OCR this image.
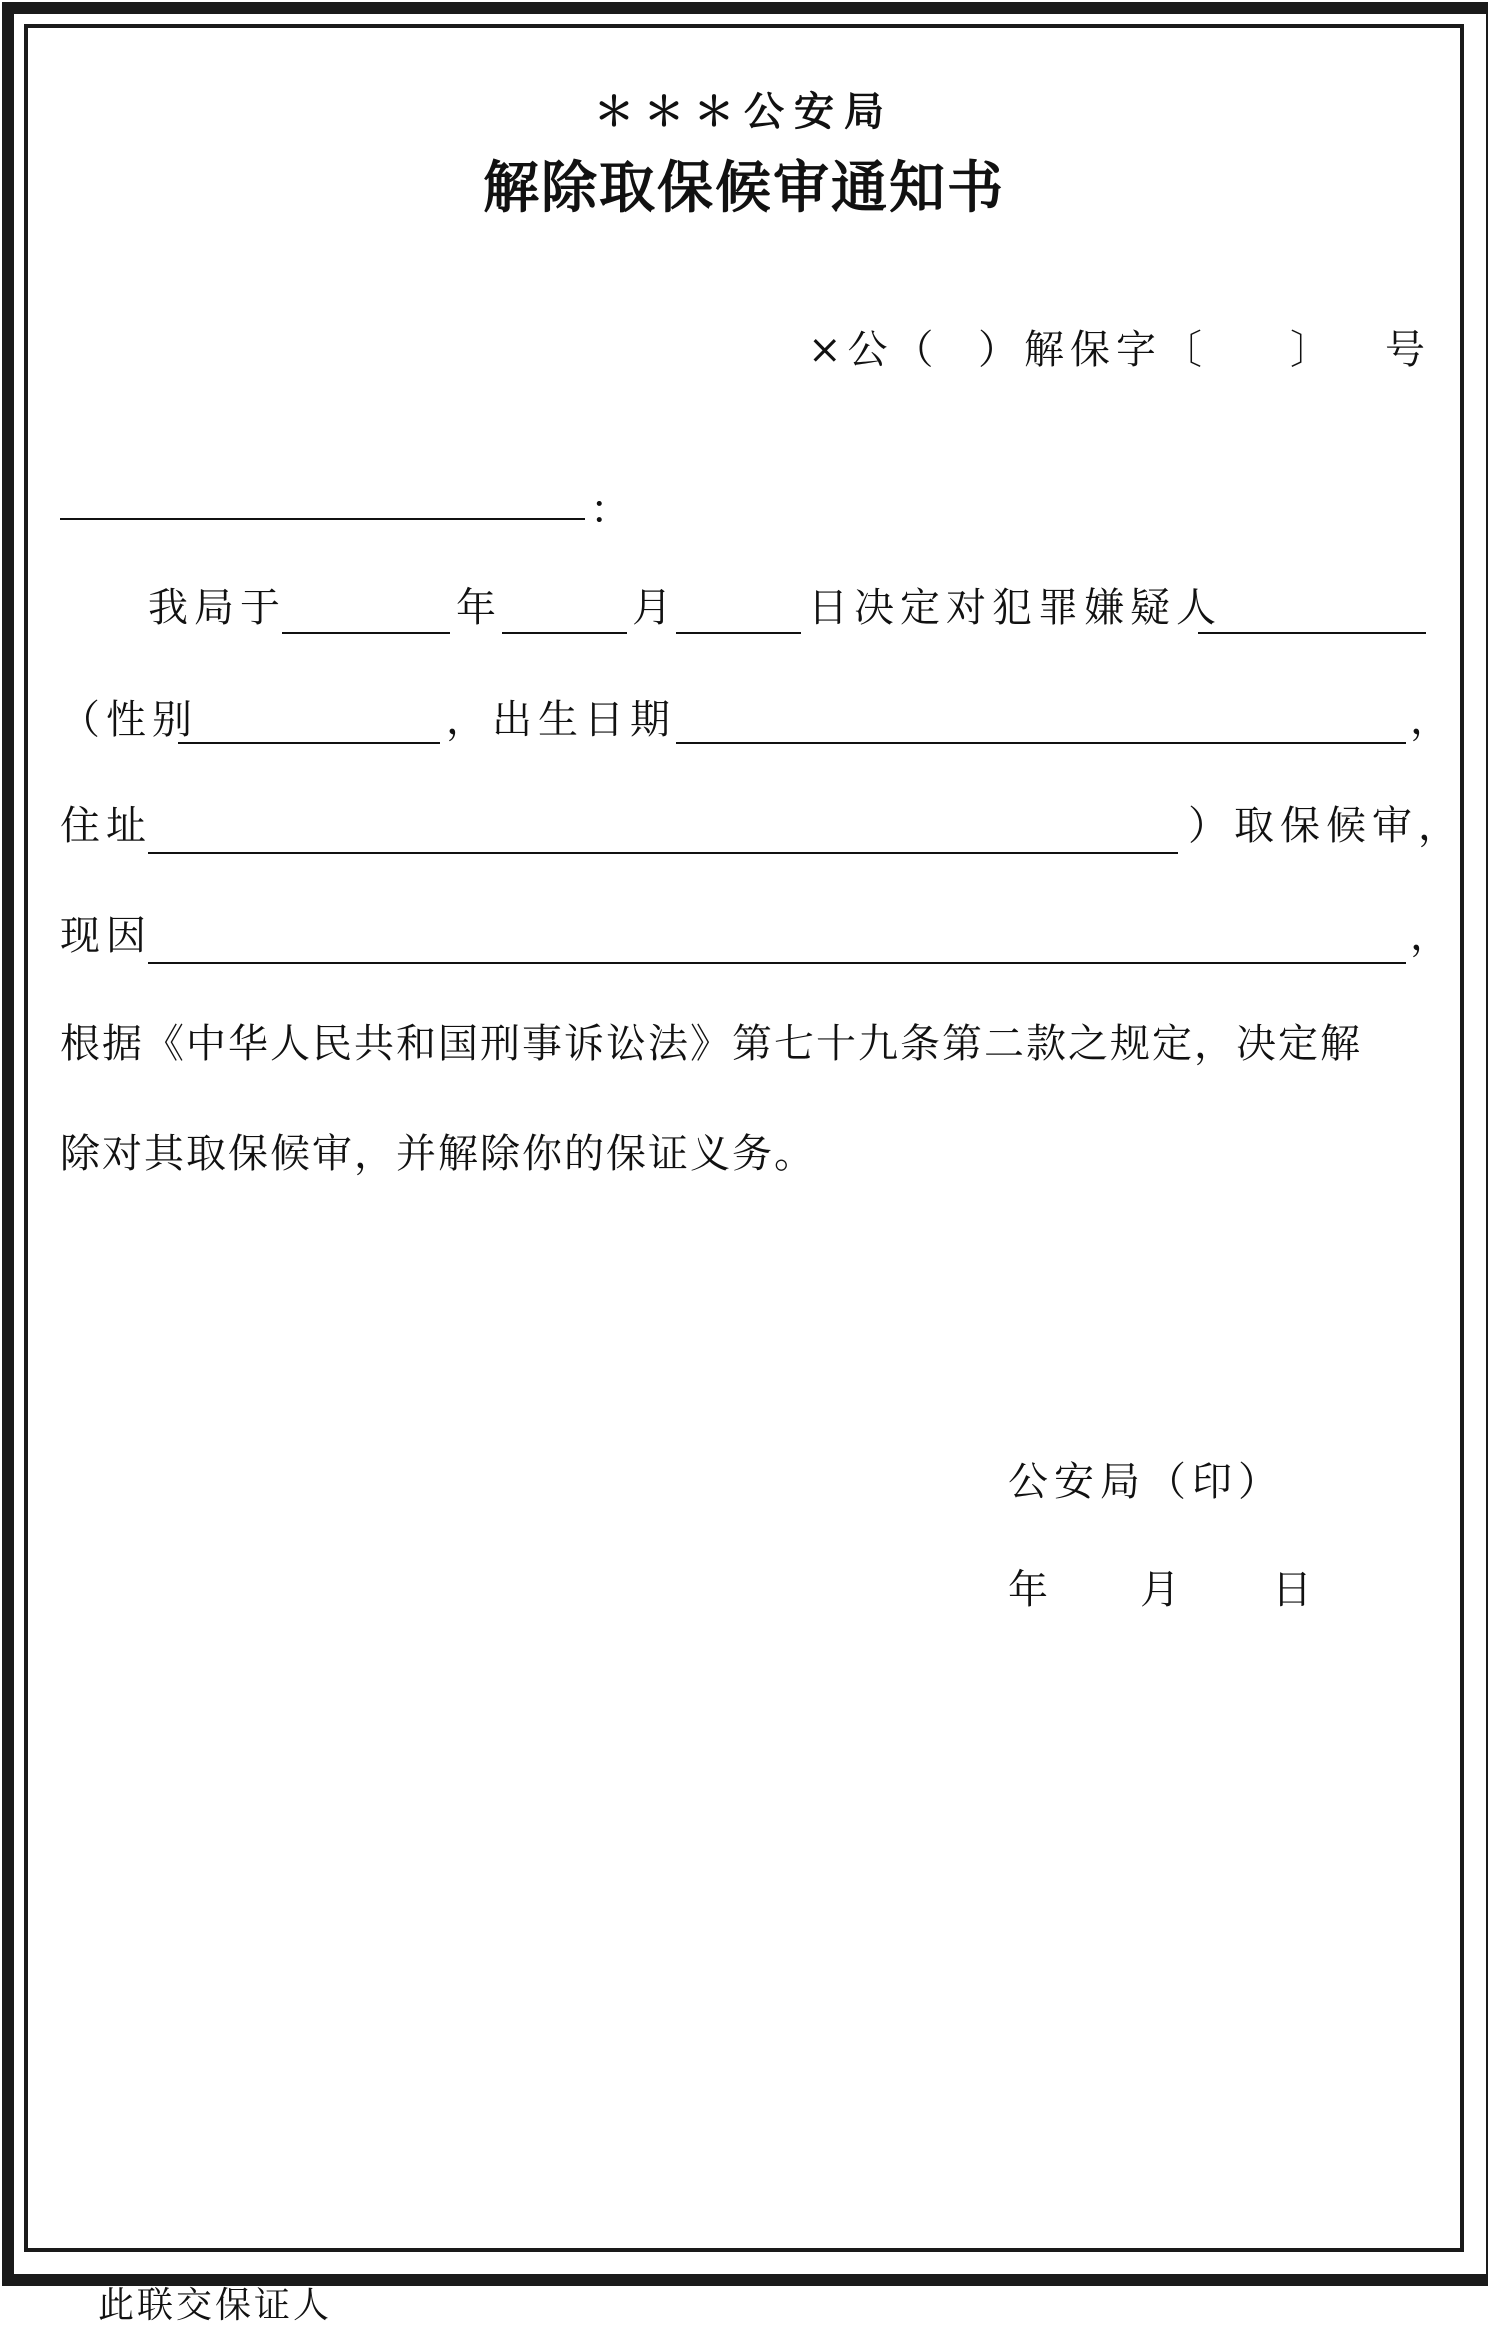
＊＊＊公安局
解除取保候审通知书
×公（ ）解保字〔 〕 号
：
我局于	年	月	日决定对犯罪嫌疑人
（性别	，出生日期	，
住址	）取保候审，
现因	，
根据《中华人民共和国刑事诉讼法》第七十九条第二款之规定，决定解
除对其取保候审，并解除你的保证义务。
公安局（印）
年 月 日
此联交保证人
